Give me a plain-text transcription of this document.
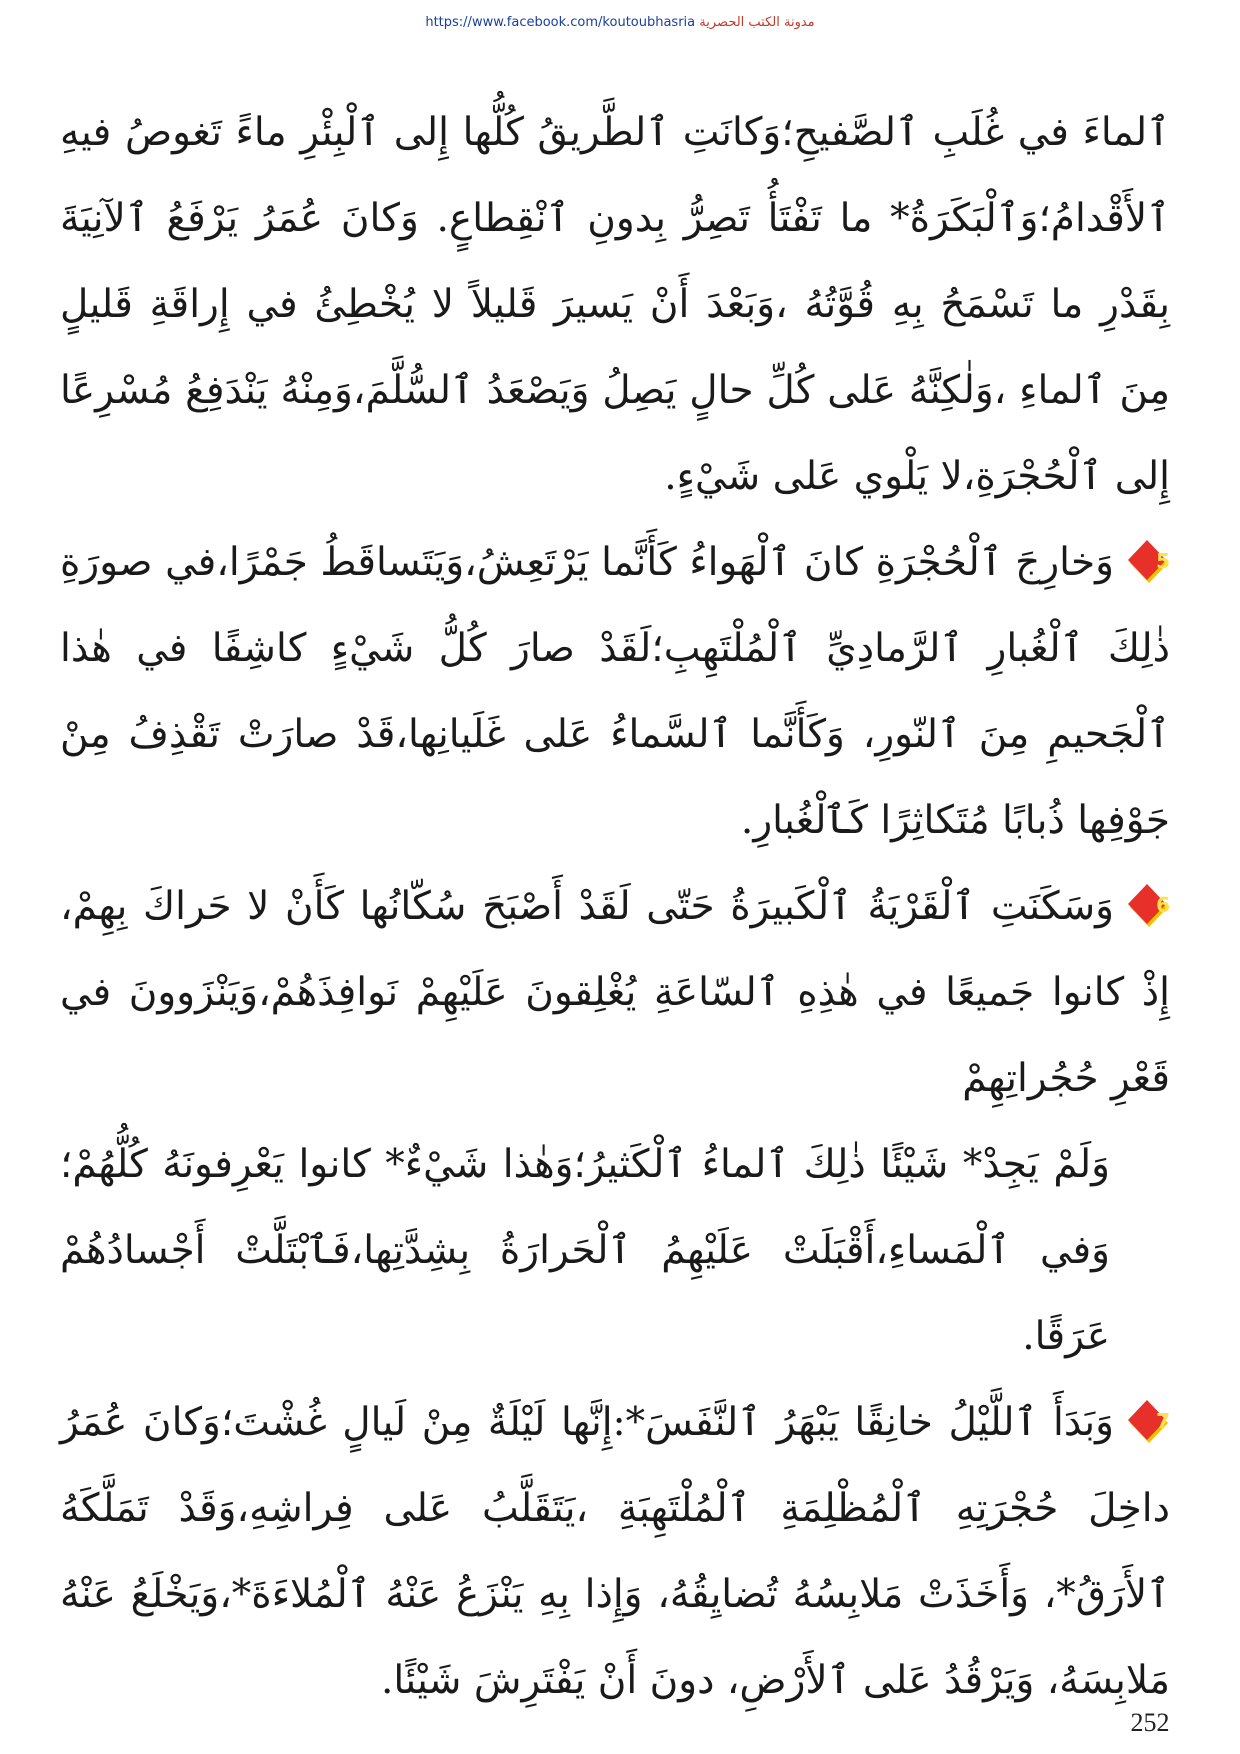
مدونة الكتب الحصرية https://www.facebook.com/koutoubhasria

ٱلماءَ في غُلَبِ ٱلصَّفيحِ؛وَكانَتِ ٱلطَّريقُ كُلُّها إِلى ٱلْبِئْرِ ماءً تَغوصُ فيهِ ٱلأَقْدامُ؛وَٱلْبَكَرَةُ* ما تَفْتَأُ تَصِرُّ بِدونِ ٱنْقِطاعٍ. وَكانَ عُمَرُ يَرْفَعُ ٱلآنِيَةَ بِقَدْرِ ما تَسْمَحُ بِهِ قُوَّتُهُ ،وَبَعْدَ أَنْ يَسيرَ قَليلاً لا يُخْطِئُ في إِراقَةِ قَليلٍ مِنَ ٱلماءِ ،وَلٰكِنَّهُ عَلى كُلِّ حالٍ يَصِلُ وَيَصْعَدُ ٱلسُّلَّمَ،وَمِنْهُ يَنْدَفِعُ مُسْرِعًا إِلى ٱلْحُجْرَةِ،لا يَلْوي عَلى شَيْءٍ.

5
وَخارِجَ ٱلْحُجْرَةِ كانَ ٱلْهَواءُ كَأَنَّما يَرْتَعِشُ،وَيَتَساقَطُ جَمْرًا،في صورَةِ ذٰلِكَ ٱلْغُبارِ ٱلرَّمادِيِّ ٱلْمُلْتَهِبِ؛لَقَدْ صارَ كُلُّ شَيْءٍ كاشِفًا في هٰذا ٱلْجَحيمِ مِنَ ٱلنّورِ، وَكَأَنَّما ٱلسَّماءُ عَلى غَلَيانِها،قَدْ صارَتْ تَقْذِفُ مِنْ جَوْفِها ذُبابًا مُتَكاثِرًا كَٱلْغُبارِ.

6
وَسَكَنَتِ ٱلْقَرْيَةُ ٱلْكَبيرَةُ حَتّى لَقَدْ أَصْبَحَ سُكّانُها كَأَنْ لا حَراكَ بِهِمْ، إِذْ كانوا جَميعًا في هٰذِهِ ٱلسّاعَةِ يُغْلِقونَ عَلَيْهِمْ نَوافِذَهُمْ،وَيَنْزَوونَ في قَعْرِ حُجُراتِهِمْ

وَلَمْ يَجِدْ* شَيْئًا ذٰلِكَ ٱلماءُ ٱلْكَثيرُ؛وَهٰذا شَيْءٌ* كانوا يَعْرِفونَهُ كُلُّهُمْ؛ وَفي ٱلْمَساءِ،أَقْبَلَتْ عَلَيْهِمُ ٱلْحَرارَةُ بِشِدَّتِها،فَٱبْتَلَّتْ أَجْسادُهُمْ عَرَقًا.

7
وَبَدَأَ ٱللَّيْلُ خانِقًا يَبْهَرُ ٱلنَّفَسَ*:إِنَّها لَيْلَةٌ مِنْ لَيالٍ غُشْتَ؛وَكانَ عُمَرُ داخِلَ حُجْرَتِهِ ٱلْمُظْلِمَةِ ٱلْمُلْتَهِبَةِ ،يَتَقَلَّبُ عَلى فِراشِهِ،وَقَدْ تَمَلَّكَهُ ٱلأَرَقُ*، وَأَخَذَتْ مَلابِسُهُ تُضايِقُهُ، وَإِذا بِهِ يَنْزَعُ عَنْهُ ٱلْمُلاءَةَ*،وَيَخْلَعُ عَنْهُ مَلابِسَهُ، وَيَرْقُدُ عَلى ٱلأَرْضِ، دونَ أَنْ يَفْتَرِشَ شَيْئًا.

252
